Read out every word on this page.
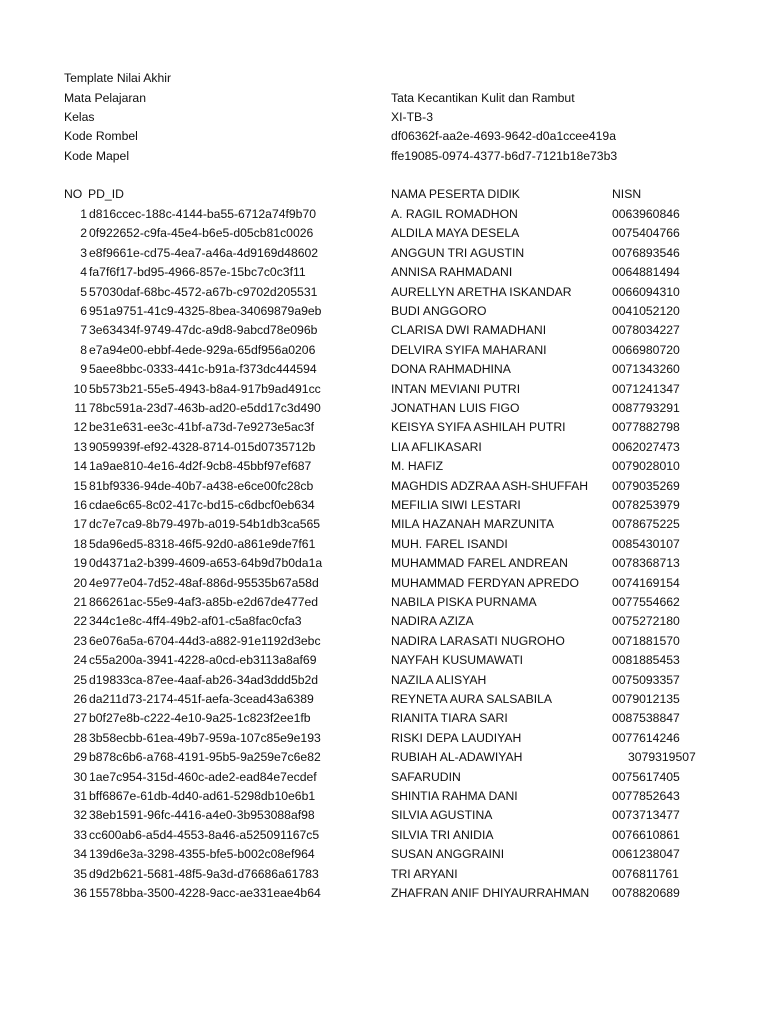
Template Nilai Akhir
Mata Pelajaran	Tata Kecantikan Kulit dan Rambut
Kelas	XI-TB-3
Kode Rombel	df06362f-aa2e-4693-9642-d0a1ccee419a
Kode Mapel	ffe19085-0974-4377-b6d7-7121b18e73b3
NO PD_ID	NAMA PESERTA DIDIK	NISN
1 d816ccec-188c-4144-ba55-6712a74f9b70	A. RAGIL ROMADHON	0063960846
2 0f922652-c9fa-45e4-b6e5-d05cb81c0026	ALDILA MAYA DESELA	0075404766
3 e8f9661e-cd75-4ea7-a46a-4d9169d48602	ANGGUN TRI AGUSTIN	0076893546
4 fa7f6f17-bd95-4966-857e-15bc7c0c3f11	ANNISA RAHMADANI	0064881494
5 57030daf-68bc-4572-a67b-c9702d205531	AURELLYN ARETHA ISKANDAR	0066094310
6 951a9751-41c9-4325-8bea-34069879a9eb	BUDI ANGGORO	0041052120
7 3e63434f-9749-47dc-a9d8-9abcd78e096b	CLARISA DWI RAMADHANI	0078034227
8 e7a94e00-ebbf-4ede-929a-65df956a0206	DELVIRA SYIFA MAHARANI	0066980720
9 5aee8bbc-0333-441c-b91a-f373dc444594	DONA RAHMADHINA	0071343260
10 5b573b21-55e5-4943-b8a4-917b9ad491cc	INTAN MEVIANI PUTRI	0071241347
11 78bc591a-23d7-463b-ad20-e5dd17c3d490	JONATHAN LUIS FIGO	0087793291
12 be31e631-ee3c-41bf-a73d-7e9273e5ac3f	KEISYA SYIFA ASHILAH PUTRI	0077882798
13 9059939f-ef92-4328-8714-015d0735712b	LIA AFLIKASARI	0062027473
14 1a9ae810-4e16-4d2f-9cb8-45bbf97ef687	M. HAFIZ	0079028010
15 81bf9336-94de-40b7-a438-e6ce00fc28cb	MAGHDIS ADZRAA ASH-SHUFFAH 0079035269
16 cdae6c65-8c02-417c-bd15-c6dbcf0eb634	MEFILIA SIWI LESTARI	0078253979
17 dc7e7ca9-8b79-497b-a019-54b1db3ca565	MILA HAZANAH MARZUNITA	0078675225
18 5da96ed5-8318-46f5-92d0-a861e9de7f61	MUH. FAREL ISANDI	0085430107
19 0d4371a2-b399-4609-a653-64b9d7b0da1a	MUHAMMAD FAREL ANDREAN	0078368713
20 4e977e04-7d52-48af-886d-95535b67a58d	MUHAMMAD FERDYAN APREDO	0074169154
21 866261ac-55e9-4af3-a85b-e2d67de477ed	NABILA PISKA PURNAMA	0077554662
22 344c1e8c-4ff4-49b2-af01-c5a8fac0cfa3	NADIRA AZIZA	0075272180
23 6e076a5a-6704-44d3-a882-91e1192d3ebc	NADIRA LARASATI NUGROHO	0071881570
24 c55a200a-3941-4228-a0cd-eb3113a8af69	NAYFAH KUSUMAWATI	0081885453
25 d19833ca-87ee-4aaf-ab26-34ad3ddd5b2d	NAZILA ALISYAH	0075093357
26 da211d73-2174-451f-aefa-3cead43a6389	REYNETA AURA SALSABILA	0079012135
27 b0f27e8b-c222-4e10-9a25-1c823f2ee1fb	RIANITA TIARA SARI	0087538847
28 3b58ecbb-61ea-49b7-959a-107c85e9e193	RISKI DEPA LAUDIYAH	0077614246
29 b878c6b6-a768-4191-95b5-9a259e7c6e82	RUBIAH AL-ADAWIYAH	3079319507
30 1ae7c954-315d-460c-ade2-ead84e7ecdef	SAFARUDIN	0075617405
31 bff6867e-61db-4d40-ad61-5298db10e6b1	SHINTIA RAHMA DANI	0077852643
32 38eb1591-96fc-4416-a4e0-3b953088af98	SILVIA AGUSTINA	0073713477
33 cc600ab6-a5d4-4553-8a46-a525091167c5	SILVIA TRI ANIDIA	0076610861
34 139d6e3a-3298-4355-bfe5-b002c08ef964	SUSAN ANGGRAINI	0061238047
35 d9d2b621-5681-48f5-9a3d-d76686a61783	TRI ARYANI	0076811761
36 15578bba-3500-4228-9acc-ae331eae4b64	ZHAFRAN ANIF DHIYAURRAHMAN 0078820689
